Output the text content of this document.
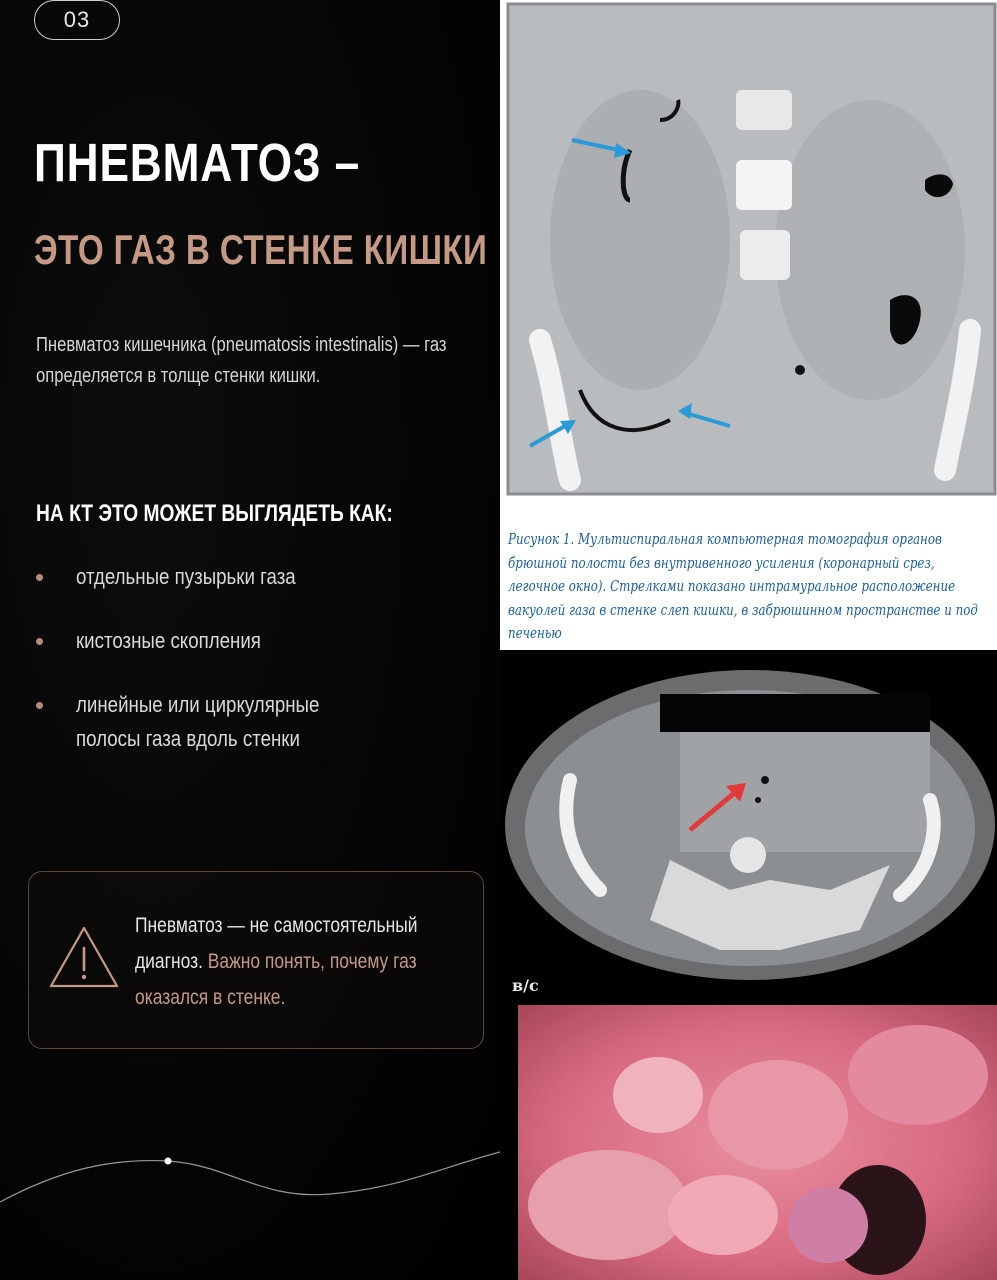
03
ПНЕВМАТОЗ –
ЭТО ГАЗ В СТЕНКЕ КИШКИ

Пневматоз кишечника (pneumatosis intestinalis) — газ определяется в толще стенки кишки.

НА КТ ЭТО МОЖЕТ ВЫГЛЯДЕТЬ КАК:
отдельные пузырьки газа
кистозные скопления
линейные или циркулярные
полосы газа вдоль стенки

Пневматоз — не самостоятельный диагноз. Важно понять, почему газ оказался в стенке.

Рисунок 1. Мультиспиральная компьютерная томография органов брюшной полости без внутривенного усиления (коронарный срез, легочное окно). Стрелками показано интрамуральное расположение вакуолей газа в стенке слеп кишки, в забрюшинном пространстве и под печенью

в/с
